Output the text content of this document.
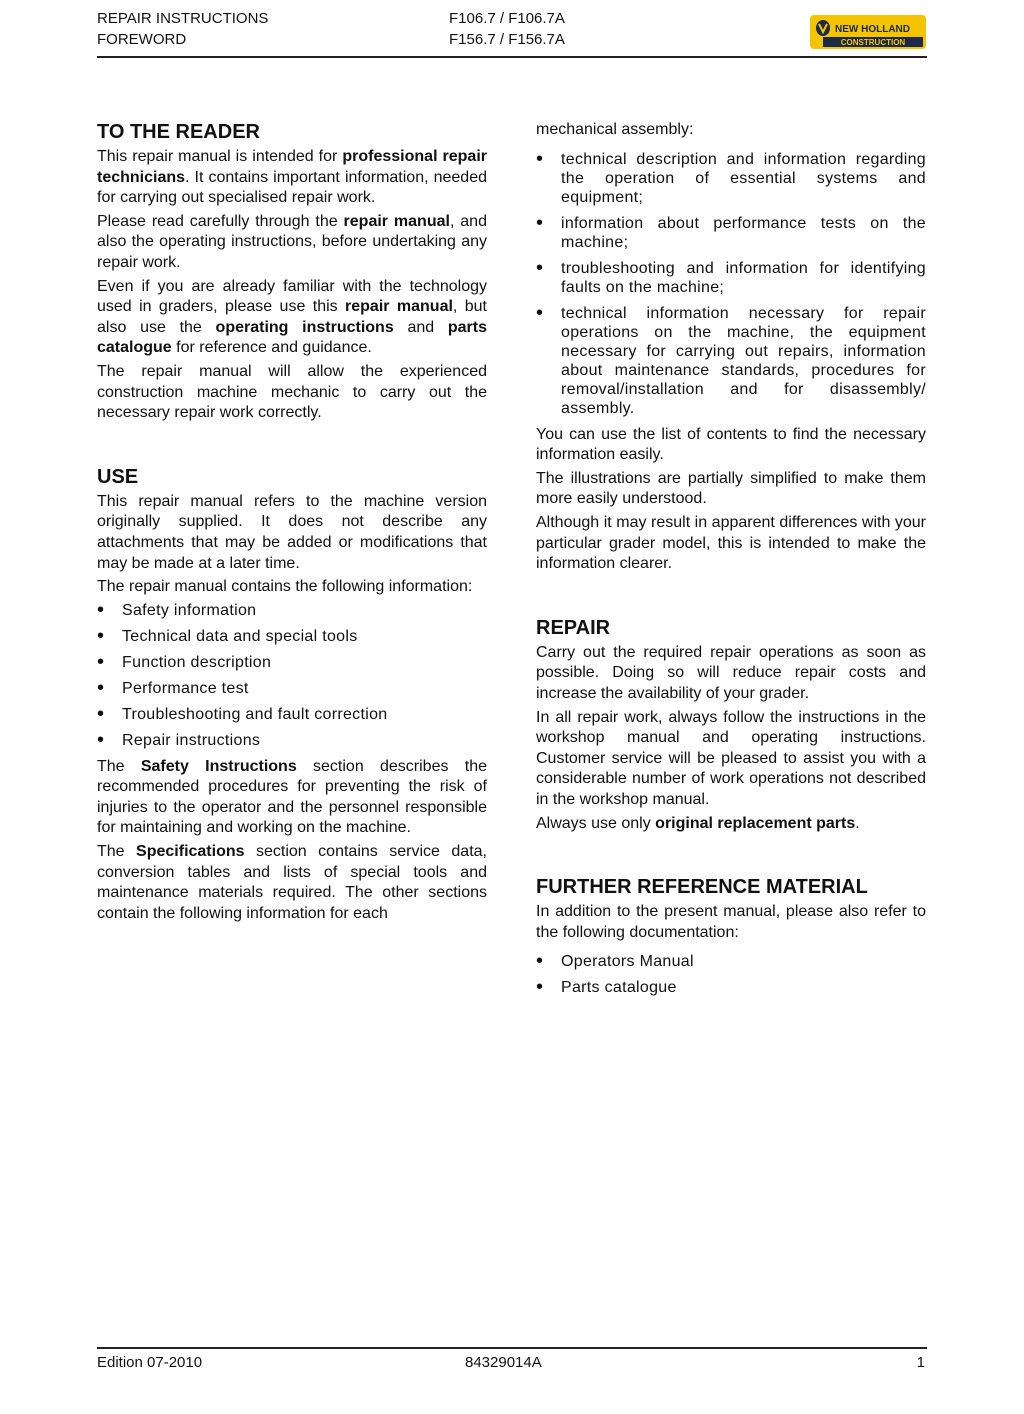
REPAIR INSTRUCTIONS
FOREWORD
F106.7 / F106.7A
F156.7 / F156.7A
NEW HOLLAND
CONSTRUCTION
TO THE READER

This repair manual is intended for professional repair technicians. It contains important information, needed for carrying out specialised repair work.

Please read carefully through the repair manual, and also the operating instructions, before undertaking any repair work.

Even if you are already familiar with the technology used in graders, please use this repair manual, but also use the operating instructions and parts catalogue for reference and guidance.

The repair manual will allow the experienced construction machine mechanic to carry out the necessary repair work correctly.

USE

This repair manual refers to the machine version originally supplied. It does not describe any attachments that may be added or modifications that may be made at a later time.

The repair manual contains the following information:

• Safety information
• Technical data and special tools
• Function description
• Performance test
• Troubleshooting and fault correction
• Repair instructions

The Safety Instructions section describes the recommended procedures for preventing the risk of injuries to the operator and the personnel responsible for maintaining and working on the machine.

The Specifications section contains service data, conversion tables and lists of special tools and maintenance materials required. The other sections contain the following information for each

mechanical assembly:

• technical description and information regarding the operation of essential systems and equipment;
• information about performance tests on the machine;
• troubleshooting and information for identifying faults on the machine;
• technical information necessary for repair operations on the machine, the equipment necessary for carrying out repairs, information about maintenance standards, procedures for removal/installation and for disassembly/ assembly.

You can use the list of contents to find the necessary information easily.

The illustrations are partially simplified to make them more easily understood.

Although it may result in apparent differences with your particular grader model, this is intended to make the information clearer.

REPAIR

Carry out the required repair operations as soon as possible. Doing so will reduce repair costs and increase the availability of your grader.

In all repair work, always follow the instructions in the workshop manual and operating instructions. Customer service will be pleased to assist you with a considerable number of work operations not described in the workshop manual.

Always use only original replacement parts.

FURTHER REFERENCE MATERIAL

In addition to the present manual, please also refer to the following documentation:

• Operators Manual
• Parts catalogue
Edition 07-2010	84329014A	1
